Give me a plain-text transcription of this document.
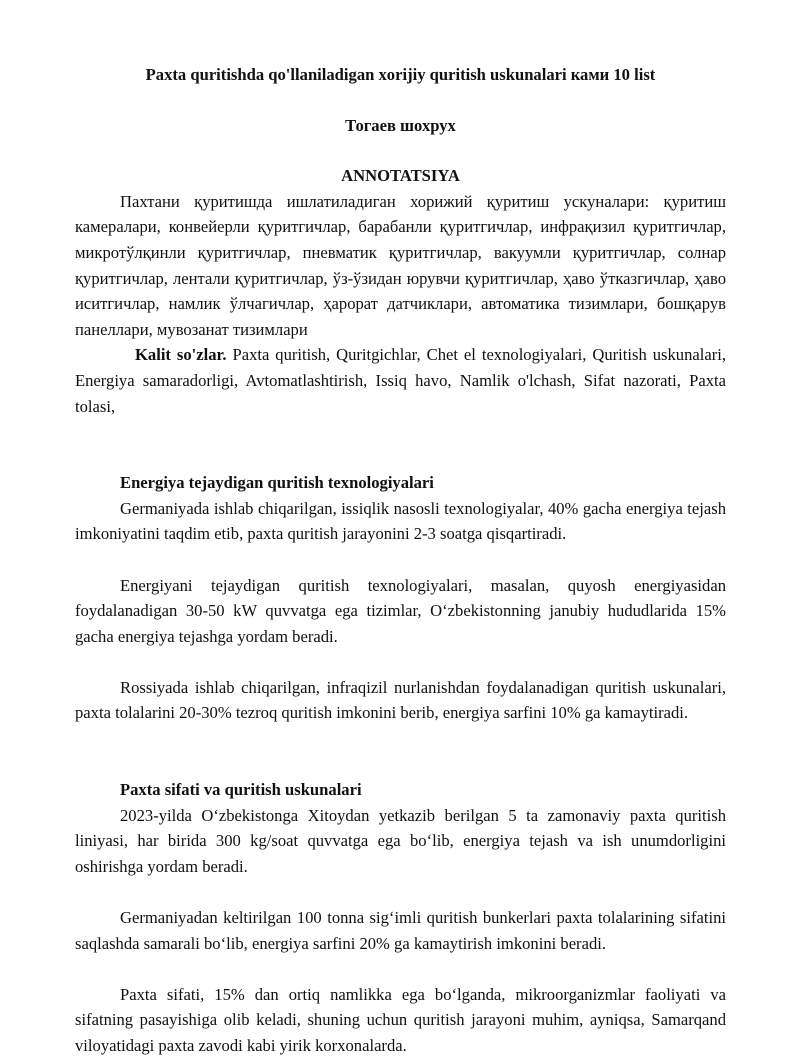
Paxta quritishda qo'llaniladigan xorijiy quritish uskunalari ками 10 list

Тогаев шохрух

ANNOTATSIYA

Пахтани қуритишда ишлатиладиган хорижий қуритиш ускуналари: қуритиш камералари, конвейерли қуритгичлар, барабанли қуритгичлар, инфрақизил қуритгичлар, микротўлқинли қуритгичлар, пневматик қуритгичлар, вакуумли қуритгичлар, солнар қуритгичлар, лентали қуритгичлар, ўз-ўзидан юрувчи қуритгичлар, ҳаво ўтказгичлар, ҳаво иситгичлар, намлик ўлчагичлар, ҳарорат датчиклари, автоматика тизимлари, бошқарув панеллари, мувозанат тизимлари

Kalit so'zlar. Paxta quritish, Quritgichlar, Chet el texnologiyalari, Quritish uskunalari, Energiya samaradorligi, Avtomatlashtirish, Issiq havo, Namlik o'lchash, Sifat nazorati, Paxta tolasi,

Energiya tejaydigan quritish texnologiyalari

Germaniyada ishlab chiqarilgan, issiqlik nasosli texnologiyalar, 40% gacha energiya tejash imkoniyatini taqdim etib, paxta quritish jarayonini 2-3 soatga qisqartiradi.

Energiyani tejaydigan quritish texnologiyalari, masalan, quyosh energiyasidan foydalanadigan 30-50 kW quvvatga ega tizimlar, O‘zbekistonning janubiy hududlarida 15% gacha energiya tejashga yordam beradi.

Rossiyada ishlab chiqarilgan, infraqizil nurlanishdan foydalanadigan quritish uskunalari, paxta tolalarini 20-30% tezroq quritish imkonini berib, energiya sarfini 10% ga kamaytiradi.

Paxta sifati va quritish uskunalari

2023-yilda O‘zbekistonga Xitoydan yetkazib berilgan 5 ta zamonaviy paxta quritish liniyasi, har birida 300 kg/soat quvvatga ega bo‘lib, energiya tejash va ish unumdorligini oshirishga yordam beradi.

Germaniyadan keltirilgan 100 tonna sig‘imli quritish bunkerlari paxta tolalarining sifatini saqlashda samarali bo‘lib, energiya sarfini 20% ga kamaytirish imkonini beradi.

Paxta sifati, 15% dan ortiq namlikka ega bo‘lganda, mikroorganizmlar faoliyati va sifatning pasayishiga olib keladi, shuning uchun quritish jarayoni muhim, ayniqsa, Samarqand viloyatidagi paxta zavodi kabi yirik korxonalarda.
